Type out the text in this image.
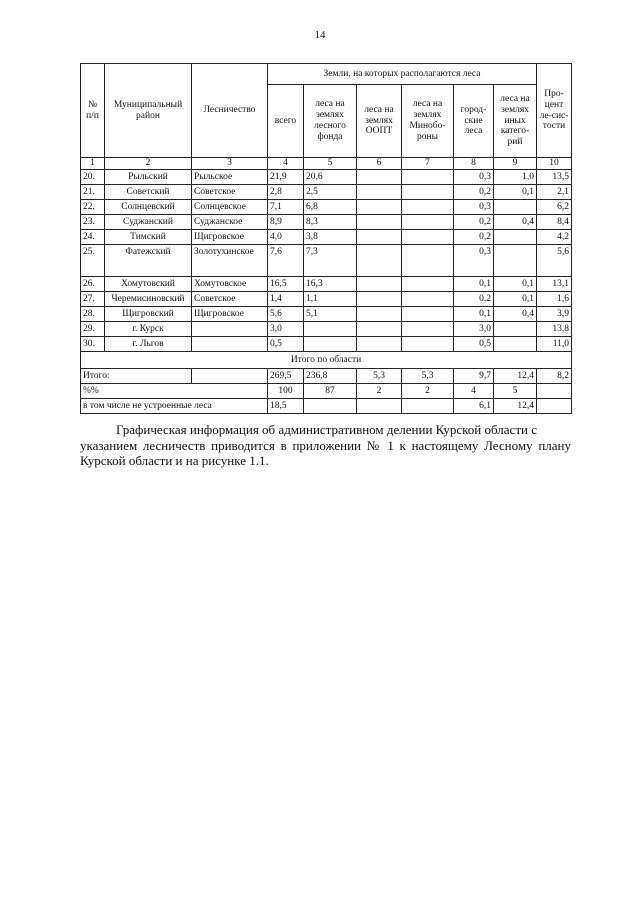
14
№ п/п	Муниципальный район	Лесничество	Земли, на которых располагаются леса						Про-цент ле-сис-тости
			всего	леса на землях лесного фонда	леса на землях ООПТ	леса на землях Минобо-роны	город-ские леса	леса на землях иных катего-рий	
1	2	3	4	5	6	7	8	9	10
20.	Рыльский	Рыльское	21,9	20,6			0,3	1,0	13,5
21.	Советский	Советское	2,8	2,5			0,2	0,1	2,1
22.	Солнцевский	Солнцевское	7,1	6,8			0,3		6,2
23.	Суджанский	Суджанское	8,9	8,3			0,2	0,4	8,4
24.	Тимский	Щигровское	4,0	3,8			0,2		4,2
25.	Фатежский	Золотухинское	7,6	7,3			0,3		5,6
26.	Хомутовский	Хомутовское	16,5	16,3			0,1	0,1	13,1
27.	Черемисиновский	Советское	1,4	1,1			0,2	0,1	1,6
28.	Щигровский	Щигровское	5,6	5,1			0,1	0,4	3,9
29.	г. Курск		3,0				3,0		13,8
30.	г. Льгов		0,5				0,5		11,0
Итого по области									
Итого:			269,5	236,8	5,3	5,3	9,7	12,4	8,2
%%			100	87	2	2	4	5	
в том числе не устроенные леса			18,5				6,1	12,4	
Графическая информация об административном делении Курской области с
указанием лесничеств приводится в приложении № 1 к настоящему Лесному плану Курской области и на рисунке 1.1.
